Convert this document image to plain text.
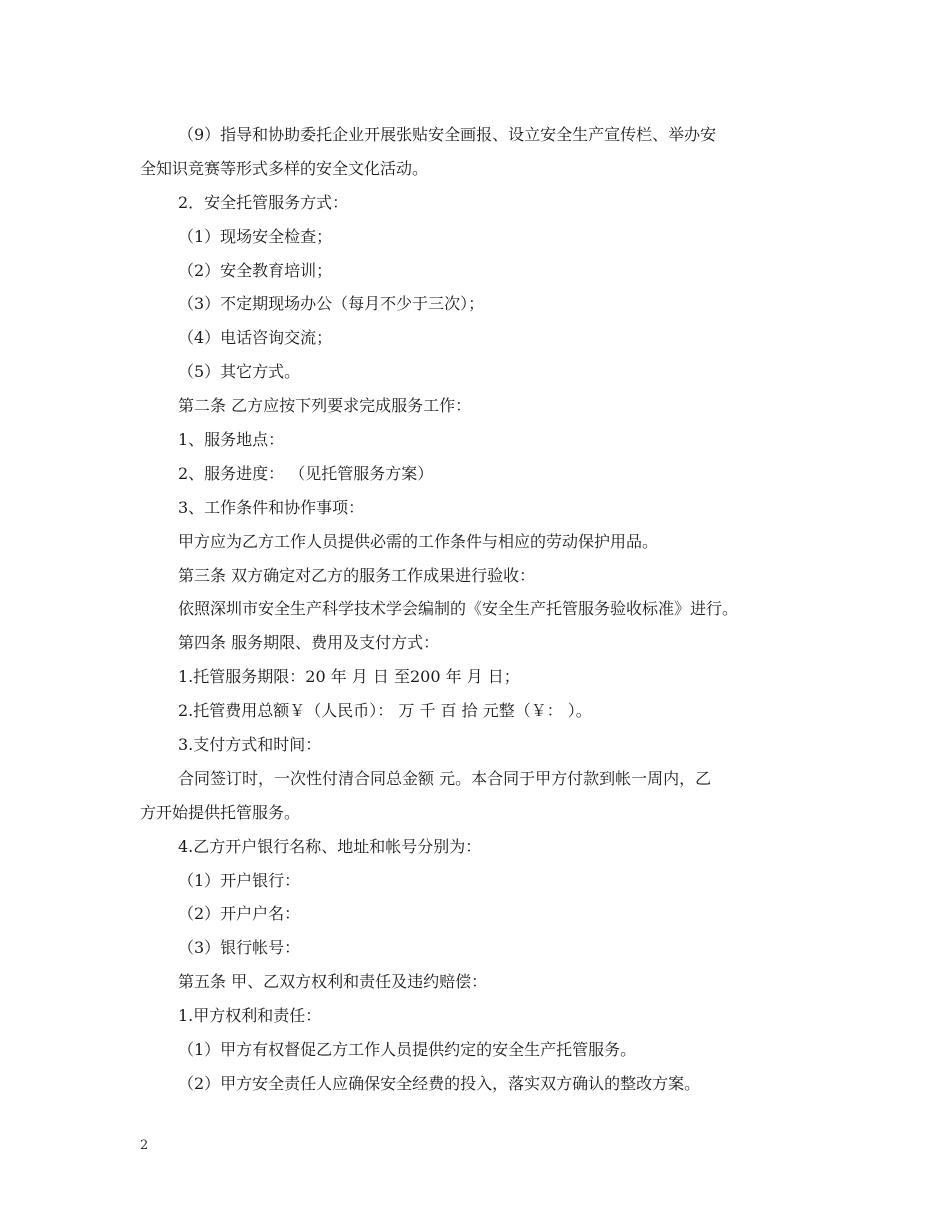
（9）指导和协助委托企业开展张贴安全画报、设立安全生产宣传栏、举办安
全知识竞赛等形式多样的安全文化活动。
2．安全托管服务方式：
（1）现场安全检查；
（2）安全教育培训；
（3）不定期现场办公（每月不少于三次）；
（4）电话咨询交流；
（5）其它方式。
第二条 乙方应按下列要求完成服务工作：
1、服务地点：
2、服务进度： （见托管服务方案）
3、工作条件和协作事项：
甲方应为乙方工作人员提供必需的工作条件与相应的劳动保护用品。
第三条 双方确定对乙方的服务工作成果进行验收：
依照深圳市安全生产科学技术学会编制的《安全生产托管服务验收标准》进行。
第四条 服务期限、费用及支付方式：
1.托管服务期限：20 年 月 日 至200 年 月 日；
2.托管费用总额￥（人民币）： 万 千 百 拾 元整（￥： ）。
3.支付方式和时间：
合同签订时，一次性付清合同总金额 元。本合同于甲方付款到帐一周内，乙
方开始提供托管服务。
4.乙方开户银行名称、地址和帐号分别为：
（1）开户银行：
（2）开户户名：
（3）银行帐号：
第五条 甲、乙双方权利和责任及违约赔偿：
1.甲方权利和责任：
（1）甲方有权督促乙方工作人员提供约定的安全生产托管服务。
（2）甲方安全责任人应确保安全经费的投入，落实双方确认的整改方案。
2
